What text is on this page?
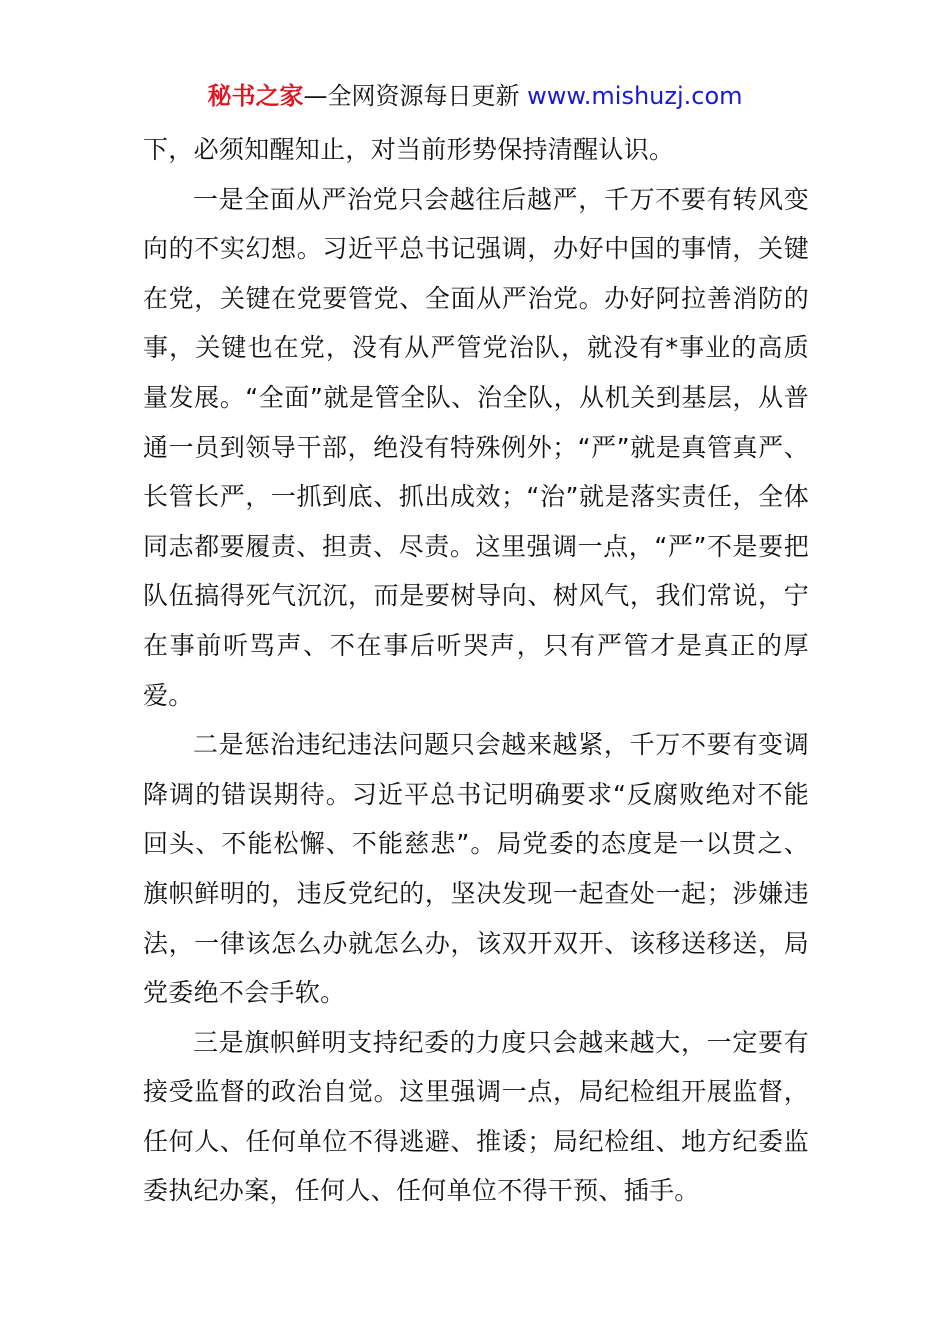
秘书之家—全网资源每日更新 www.mishuzj.com

下，必须知醒知止，对当前形势保持清醒认识。

一是全面从严治党只会越往后越严，千万不要有转风变向的不实幻想。习近平总书记强调，办好中国的事情，关键在党，关键在党要管党、全面从严治党。办好阿拉善消防的事，关键也在党，没有从严管党治队，就没有*事业的高质量发展。“全面”就是管全队、治全队，从机关到基层，从普通一员到领导干部，绝没有特殊例外；“严”就是真管真严、长管长严，一抓到底、抓出成效；“治”就是落实责任，全体同志都要履责、担责、尽责。这里强调一点，“严”不是要把队伍搞得死气沉沉，而是要树导向、树风气，我们常说，宁在事前听骂声、不在事后听哭声，只有严管才是真正的厚爱。

二是惩治违纪违法问题只会越来越紧，千万不要有变调降调的错误期待。习近平总书记明确要求“反腐败绝对不能回头、不能松懈、不能慈悲”。局党委的态度是一以贯之、旗帜鲜明的，违反党纪的，坚决发现一起查处一起；涉嫌违法，一律该怎么办就怎么办，该双开双开、该移送移送，局党委绝不会手软。

三是旗帜鲜明支持纪委的力度只会越来越大，一定要有接受监督的政治自觉。这里强调一点，局纪检组开展监督，任何人、任何单位不得逃避、推诿；局纪检组、地方纪委监委执纪办案，任何人、任何单位不得干预、插手。
